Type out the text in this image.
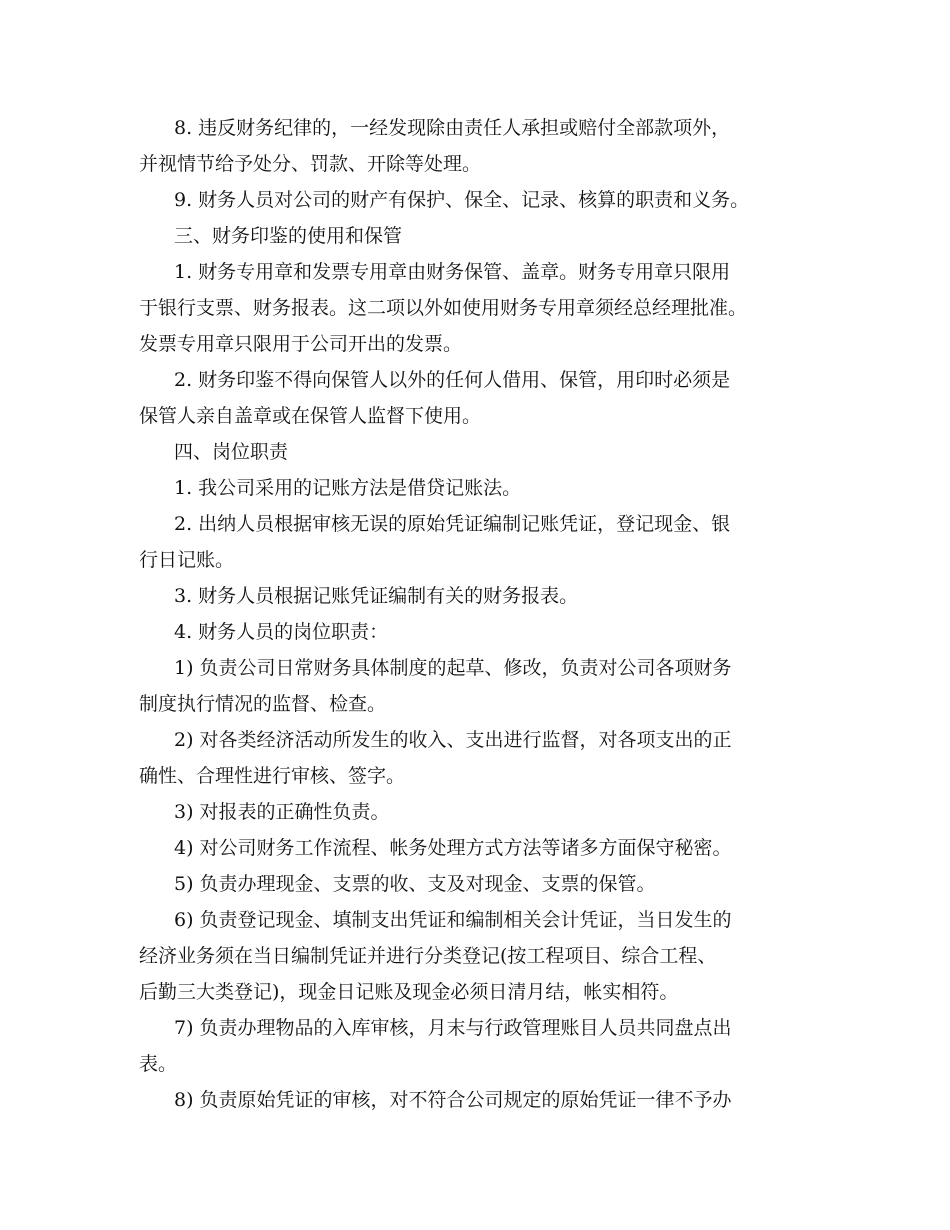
8. 违反财务纪律的，一经发现除由责任人承担或赔付全部款项外，
并视情节给予处分、罚款、开除等处理。
9. 财务人员对公司的财产有保护、保全、记录、核算的职责和义务。
三、财务印鉴的使用和保管
1. 财务专用章和发票专用章由财务保管、盖章。财务专用章只限用
于银行支票、财务报表。这二项以外如使用财务专用章须经总经理批准。
发票专用章只限用于公司开出的发票。
2. 财务印鉴不得向保管人以外的任何人借用、保管，用印时必须是
保管人亲自盖章或在保管人监督下使用。
四、岗位职责
1. 我公司采用的记账方法是借贷记账法。
2. 出纳人员根据审核无误的原始凭证编制记账凭证，登记现金、银
行日记账。
3. 财务人员根据记账凭证编制有关的财务报表。
4. 财务人员的岗位职责：
1) 负责公司日常财务具体制度的起草、修改，负责对公司各项财务
制度执行情况的监督、检查。
2) 对各类经济活动所发生的收入、支出进行监督，对各项支出的正
确性、合理性进行审核、签字。
3) 对报表的正确性负责。
4) 对公司财务工作流程、帐务处理方式方法等诸多方面保守秘密。
5) 负责办理现金、支票的收、支及对现金、支票的保管。
6) 负责登记现金、填制支出凭证和编制相关会计凭证，当日发生的
经济业务须在当日编制凭证并进行分类登记(按工程项目、综合工程、
后勤三大类登记)，现金日记账及现金必须日清月结，帐实相符。
7) 负责办理物品的入库审核，月末与行政管理账目人员共同盘点出
表。
8) 负责原始凭证的审核，对不符合公司规定的原始凭证一律不予办
